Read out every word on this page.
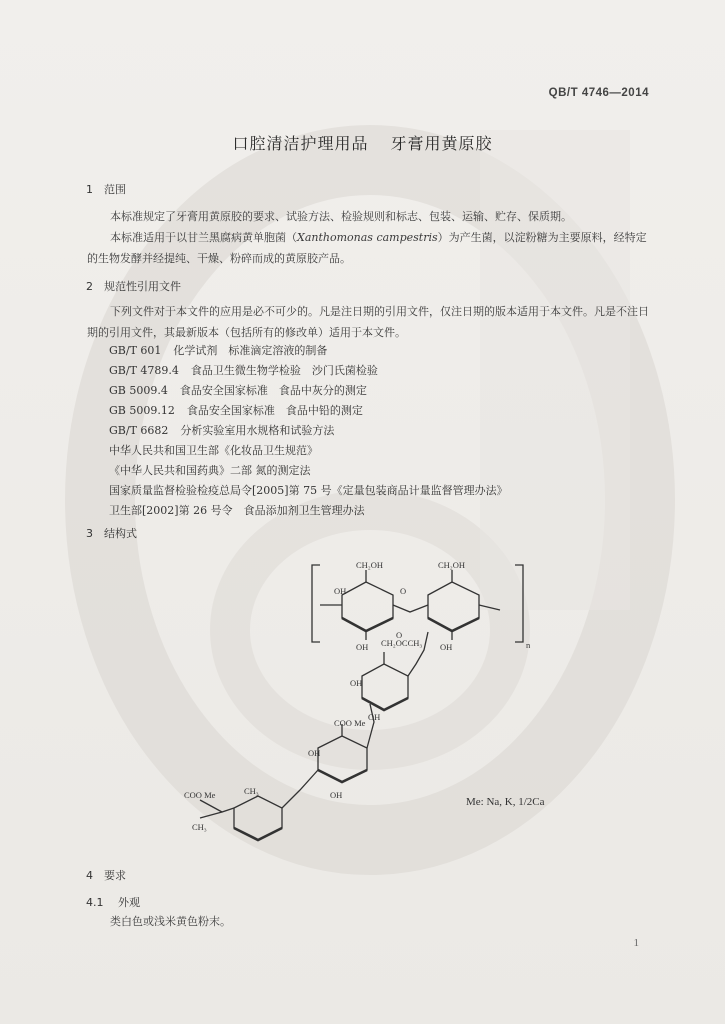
QB/T 4746—2014
口腔清洁护理用品 牙膏用黄原胶
1 范围
本标准规定了牙膏用黄原胶的要求、试验方法、检验规则和标志、包装、运输、贮存、保质期。
本标准适用于以甘兰黑腐病黄单胞菌（Xanthomonas campestris）为产生菌，以淀粉糖为主要原料，经特定的生物发酵并经提纯、干燥、粉碎而成的黄原胶产品。
2 规范性引用文件
下列文件对于本文件的应用是必不可少的。凡是注日期的引用文件，仅注日期的版本适用于本文件。凡是不注日期的引用文件，其最新版本（包括所有的修改单）适用于本文件。
GB/T 601 化学试剂　标准滴定溶液的制备
GB/T 4789.4 食品卫生微生物学检验　沙门氏菌检验
GB 5009.4 食品安全国家标准　食品中灰分的测定
GB 5009.12 食品安全国家标准　食品中铅的测定
GB/T 6682 分析实验室用水规格和试验方法
中华人民共和国卫生部《化妆品卫生规范》
《中华人民共和国药典》二部 氮的测定法
国家质量监督检验检疫总局令[2005]第 75 号《定量包装商品计量监督管理办法》
卫生部[2002]第 26 号令　食品添加剂卫生管理办法
3 结构式
CH₂OH	CH₂OH
OH
OH	OH
O
CH₂OCCH₃
O
OH
OH
COO Me
OH
OH
COO Me	CH₃
CH₃
n
Me: Na, K, 1/2Ca
4 要求
4.1 外观
类白色或浅米黄色粉末。
1
